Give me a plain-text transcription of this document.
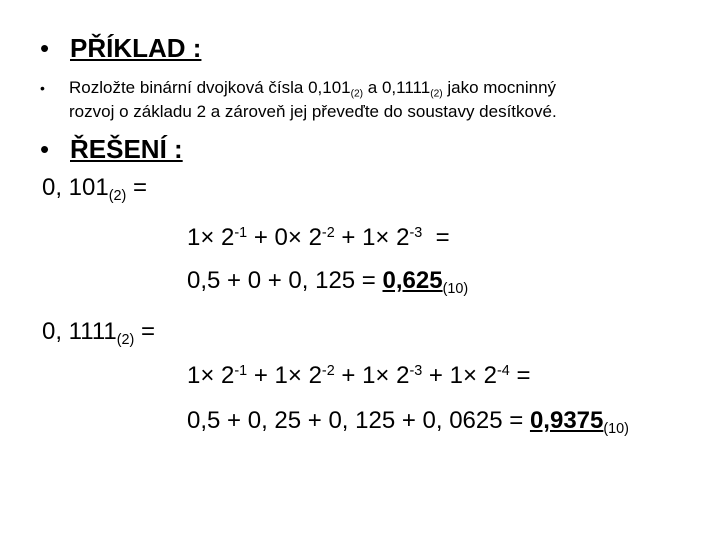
• PŘÍKLAD :
• Rozložte binární dvojková čísla $0,101_{(2)}$ a $0,1111_{(2)}$ jako mocninný
rozvoj o základu 2 a zároveň jej převeďte do soustavy desítkové.
• ŘEŠENÍ :
0, $101_{(2)}$ =
$1\times 2^{-1} + 0\times 2^{-2} + 1\times 2^{-3}$  =
0,5 + 0 + 0, $125 = 0,625_{(10)}$
0, $1111_{(2)}$ =
$1\times 2^{-1} + 1\times 2^{-2} + 1\times 2^{-3} + 1\times 2^{-4}$ =
0,5 + 0, 25 + 0, 125 + 0, $0625 = 0,9375_{(10)}$
